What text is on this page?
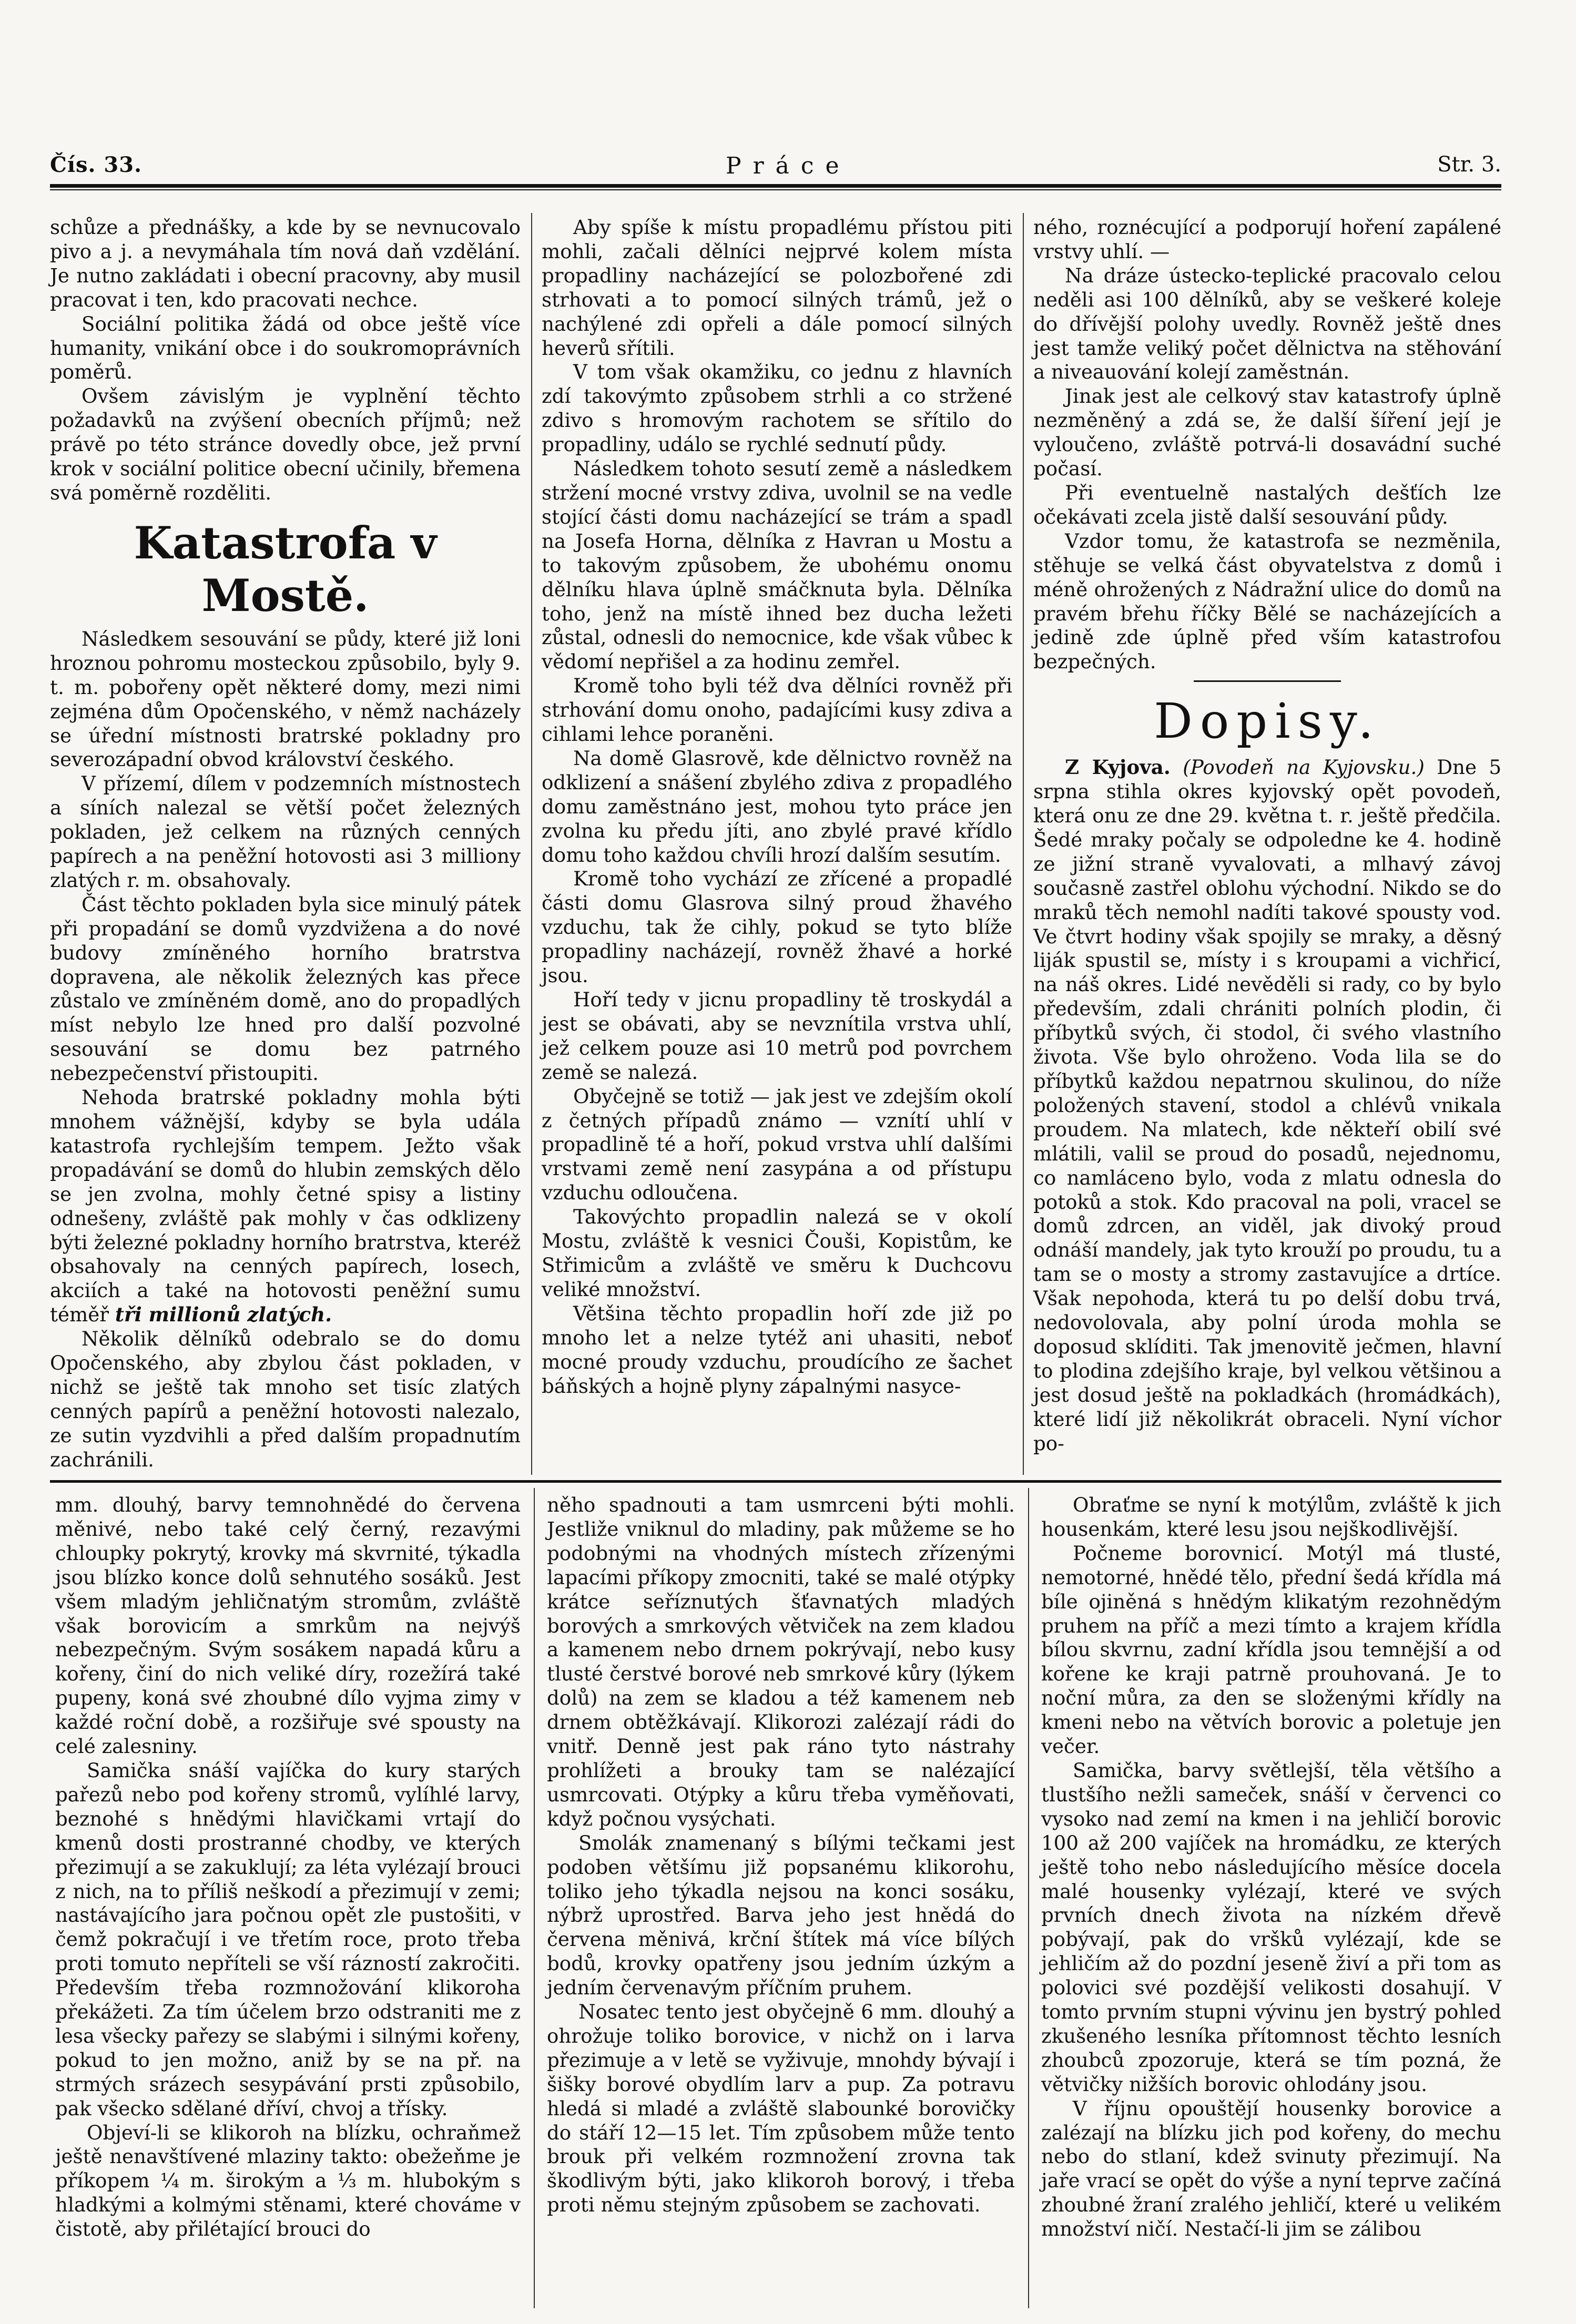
Čís. 33.	Práce	Str. 3.

schůze a přednášky, a kde by se nevnucovalo pivo a j. a nevymáhala tím nová daň vzdělání. Je nutno zakládati i obecní pracovny, aby musil pracovat i ten, kdo pracovati nechce.

Sociální politika žádá od obce ještě více humanity, vnikání obce i do soukromoprávních poměrů.

Ovšem závislým je vyplnění těchto požadavků na zvýšení obecních příjmů; než právě po této stránce dovedly obce, jež první krok v sociální politice obecní učinily, břemena svá poměrně rozděliti.

Katastrofa v Mostě.

Následkem sesouvání se půdy, které již loni hroznou pohromu mosteckou způsobilo, byly 9. t. m. pobořeny opět některé domy, mezi nimi zejména dům Opočenského, v němž nacházely se úřední místnosti bratrské pokladny pro severozápadní obvod království českého.

V přízemí, dílem v podzemních místnostech a síních nalezal se větší počet železných pokladen, jež celkem na různých cenných papírech a na peněžní hotovosti asi 3 milliony zlatých r. m. obsahovaly.

Část těchto pokladen byla sice minulý pátek při propadání se domů vyzdvižena a do nové budovy zmíněného horního bratrstva dopravena, ale několik železných kas přece zůstalo ve zmíněném domě, ano do propadlých míst nebylo lze hned pro další pozvolné sesouvání se domu bez patrného nebezpečenství přistoupiti.

Nehoda bratrské pokladny mohla býti mnohem vážnější, kdyby se byla udála katastrofa rychlejším tempem. Ježto však propadávání se domů do hlubin zemských dělo se jen zvolna, mohly četné spisy a listiny odnešeny, zvláště pak mohly v čas odklizeny býti železné pokladny horního bratrstva, kteréž obsahovaly na cenných papírech, losech, akciích a také na hotovosti peněžní sumu téměř tři millionů zlatých.

Několik dělníků odebralo se do domu Opočenského, aby zbylou část pokladen, v nichž se ještě tak mnoho set tisíc zlatých cenných papírů a peněžní hotovosti nalezalo, ze sutin vyzdvihli a před dalším propadnutím zachránili.

Aby spíše k místu propadlému přístou piti mohli, začali dělníci nejprvé kolem místa propadliny nacházející se polozbořené zdi strhovati a to pomocí silných trámů, jež o nachýlené zdi opřeli a dále pomocí silných heverů sřítili.

V tom však okamžiku, co jednu z hlavních zdí takovýmto způsobem strhli a co stržené zdivo s hromovým rachotem se sřítilo do propadliny, událo se rychlé sednutí půdy.

Následkem tohoto sesutí země a následkem stržení mocné vrstvy zdiva, uvolnil se na vedle stojící části domu nacházející se trám a spadl na Josefa Horna, dělníka z Havran u Mostu a to takovým způsobem, že ubohému onomu dělníku hlava úplně smáčknuta byla. Dělníka toho, jenž na místě ihned bez ducha ležeti zůstal, odnesli do nemocnice, kde však vůbec k vědomí nepřišel a za hodinu zemřel.

Kromě toho byli též dva dělníci rovněž při strhování domu onoho, padajícími kusy zdiva a cihlami lehce poraněni.

Na domě Glasrově, kde dělnictvo rovněž na odklizení a snášení zbylého zdiva z propadlého domu zaměstnáno jest, mohou tyto práce jen zvolna ku předu jíti, ano zbylé pravé křídlo domu toho každou chvíli hrozí dalším sesutím.

Kromě toho vychází ze zřícené a propadlé části domu Glasrova silný proud žhavého vzduchu, tak že cihly, pokud se tyto blíže propadliny nacházejí, rovněž žhavé a horké jsou.

Hoří tedy v jicnu propadliny tě troskydál a jest se obávati, aby se nevznítila vrstva uhlí, jež celkem pouze asi 10 metrů pod povrchem země se nalezá.

Obyčejně se totiž — jak jest ve zdejším okolí z četných případů známo — vznítí uhlí v propadlině té a hoří, pokud vrstva uhlí dalšími vrstvami země není zasypána a od přístupu vzduchu odloučena.

Takovýchto propadlin nalezá se v okolí Mostu, zvláště k vesnici Čouši, Kopistům, ke Střimicům a zvláště ve směru k Duchcovu veliké množství.

Většina těchto propadlin hoří zde již po mnoho let a nelze tytéž ani uhasiti, neboť mocné proudy vzduchu, proudícího ze šachet báňských a hojně plyny zápalnými nasyce-

ného, roznécující a podporují hoření zapálené vrstvy uhlí. —

Na dráze ústecko-teplické pracovalo celou neděli asi 100 dělníků, aby se veškeré koleje do dřívější polohy uvedly. Rovněž ještě dnes jest tamže veliký počet dělnictva na stěhování a niveauování kolejí zaměstnán.

Jinak jest ale celkový stav katastrofy úplně nezměněný a zdá se, že další šíření její je vyloučeno, zvláště potrvá-li dosavádní suché počasí.

Při eventuelně nastalých dešťích lze očekávati zcela jistě další sesouvání půdy.

Vzdor tomu, že katastrofa se nezměnila, stěhuje se velká část obyvatelstva z domů i méně ohrožených z Nádražní ulice do domů na pravém břehu říčky Bělé se nacházejících a jedině zde úplně před vším katastrofou bezpečných.

Dopisy.

Z Kyjova. (Povodeň na Kyjovsku.) Dne 5 srpna stihla okres kyjovský opět povodeň, která onu ze dne 29. května t. r. ještě předčila. Šedé mraky počaly se odpoledne ke 4. hodině ze jižní straně vyvalovati, a mlhavý závoj současně zastřel oblohu východní. Nikdo se do mraků těch nemohl nadíti takové spousty vod. Ve čtvrt hodiny však spojily se mraky, a děsný liják spustil se, místy i s kroupami a vichřicí, na náš okres. Lidé nevěděli si rady, co by bylo především, zdali chrániti polních plodin, či příbytků svých, či stodol, či svého vlastního života. Vše bylo ohroženo. Voda lila se do příbytků každou nepatrnou skulinou, do níže položených stavení, stodol a chlévů vnikala proudem. Na mlatech, kde někteří obilí své mlátili, valil se proud do posadů, nejednomu, co namláceno bylo, voda z mlatu odnesla do potoků a stok. Kdo pracoval na poli, vracel se domů zdrcen, an viděl, jak divoký proud odnáší mandely, jak tyto krouží po proudu, tu a tam se o mosty a stromy zastavujíce a drtíce. Však nepohoda, která tu po delší dobu trvá, nedovolovala, aby polní úroda mohla se doposud sklíditi. Tak jmenovitě ječmen, hlavní to plodina zdejšího kraje, byl velkou většinou a jest dosud ještě na pokladkách (hromádkách), které lidí již několikrát obraceli. Nyní víchor po-

mm. dlouhý, barvy temnohnědé do červena měnivé, nebo také celý černý, rezavými chloupky pokrytý, krovky má skvrnité, týkadla jsou blízko konce dolů sehnutého sosáků. Jest všem mladým jehličnatým stromům, zvláště však borovicím a smrkům na nejvýš nebezpečným. Svým sosákem napadá kůru a kořeny, činí do nich veliké díry, rozežírá také pupeny, koná své zhoubné dílo vyjma zimy v každé roční době, a rozšiřuje své spousty na celé zalesniny.

Samička snáší vajíčka do kury starých pařezů nebo pod kořeny stromů, vylíhlé larvy, beznohé s hnědými hlavičkami vrtají do kmenů dosti prostranné chodby, ve kterých přezimují a se zakuklují; za léta vylézají brouci z nich, na to příliš neškodí a přezimují v zemi; nastávajícího jara počnou opět zle pustošiti, v čemž pokračují i ve třetím roce, proto třeba proti tomuto nepříteli se vší rázností zakročiti. Především třeba rozmnožování klikoroha překážeti. Za tím účelem brzo odstraniti me z lesa všecky pařezy se slabými i silnými kořeny, pokud to jen možno, aniž by se na př. na strmých srázech sesypávání prsti způsobilo, pak všecko sdělané dříví, chvoj a třísky.

Objeví-li se klikoroh na blízku, ochraňmež ještě nenavštívené mlaziny takto: obežeňme je příkopem ¼ m. širokým a ⅓ m. hlubokým s hladkými a kolmými stěnami, které chováme v čistotě, aby přilétající brouci do

něho spadnouti a tam usmrceni býti mohli. Jestliže vniknul do mladiny, pak můžeme se ho podobnými na vhodných místech zřízenými lapacími příkopy zmocniti, také se malé otýpky krátce seříznutých šťavnatých mladých borových a smrkových větviček na zem kladou a kamenem nebo drnem pokrývají, nebo kusy tlusté čerstvé borové neb smrkové kůry (lýkem dolů) na zem se kladou a též kamenem neb drnem obtěžkávají. Klikorozi zalézají rádi do vnitř. Denně jest pak ráno tyto nástrahy prohlížeti a brouky tam se nalézající usmrcovati. Otýpky a kůru třeba vyměňovati, když počnou vysýchati.

Smolák znamenaný s bílými tečkami jest podoben většímu již popsanému klikorohu, toliko jeho týkadla nejsou na konci sosáku, nýbrž uprostřed. Barva jeho jest hnědá do červena měnivá, krční štítek má více bílých bodů, krovky opatřeny jsou jedním úzkým a jedním červenavým příčním pruhem.

Nosatec tento jest obyčejně 6 mm. dlouhý a ohrožuje toliko borovice, v nichž on i larva přezimuje a v letě se vyživuje, mnohdy bývají i šišky borové obydlím larv a pup. Za potravu hledá si mladé a zvláště slabounké borovičky do stáří 12—15 let. Tím způsobem může tento brouk při velkém rozmnožení zrovna tak škodlivým býti, jako klikoroh borový, i třeba proti němu stejným způsobem se zachovati.

Obraťme se nyní k motýlům, zvláště k jich housenkám, které lesu jsou nejškodlivější.

Počneme borovnicí. Motýl má tlusté, nemotorné, hnědé tělo, přední šedá křídla má bíle ojiněná s hnědým klikatým rezohnědým pruhem na příč a mezi tímto a krajem křídla bílou skvrnu, zadní křídla jsou temnější a od kořene ke kraji patrně prouhovaná. Je to noční můra, za den se složenými křídly na kmeni nebo na větvích borovic a poletuje jen večer.

Samička, barvy světlejší, těla většího a tlustšího nežli sameček, snáší v červenci co vysoko nad zemí na kmen i na jehličí borovic 100 až 200 vajíček na hromádku, ze kterých ještě toho nebo následujícího měsíce docela malé housenky vylézají, které ve svých prvních dnech života na nízkém dřevě pobývají, pak do vršků vylézají, kde se jehličím až do pozdní jeseně živí a při tom as polovici své pozdější velikosti dosahují. V tomto prvním stupni vývinu jen bystrý pohled zkušeného lesníka přítomnost těchto lesních zhoubců zpozoruje, která se tím pozná, že větvičky nižších borovic ohlodány jsou.

V říjnu opouštějí housenky borovice a zalézají na blízku jich pod kořeny, do mechu nebo do stlaní, kdež svinuty přezimují. Na jaře vrací se opět do výše a nyní teprve začíná zhoubné žraní zralého jehličí, které u velikém množství ničí. Nestačí-li jim se zálibou
